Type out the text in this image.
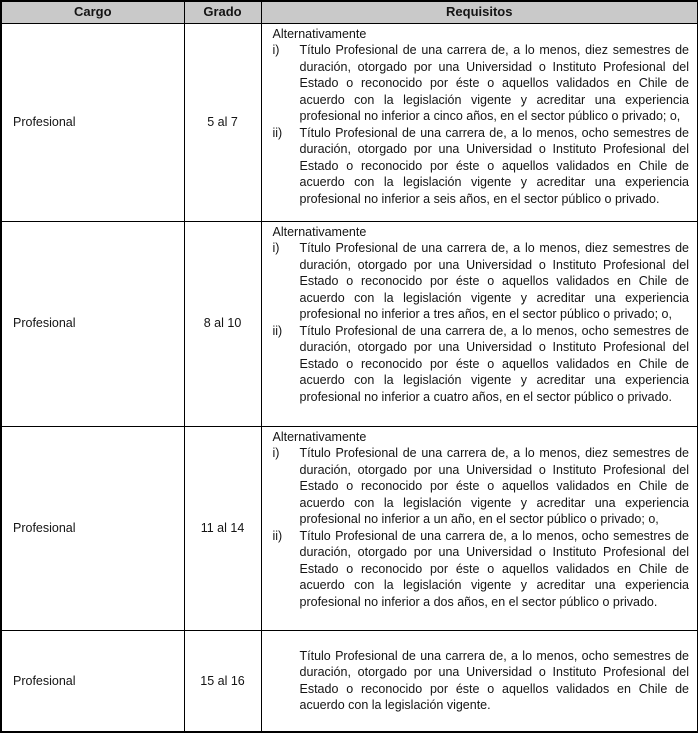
Cargo	Grado	Requisitos
Profesional	5 al 7	Alternativamente
i) Título Profesional de una carrera de, a lo menos, diez semestres de duración, otorgado por una Universidad o Instituto Profesional del Estado o reconocido por éste o aquellos validados en Chile de acuerdo con la legislación vigente y acreditar una experiencia profesional no inferior a cinco años, en el sector público o privado; o,
ii) Título Profesional de una carrera de, a lo menos, ocho semestres de duración, otorgado por una Universidad o Instituto Profesional del Estado o reconocido por éste o aquellos validados en Chile de acuerdo con la legislación vigente y acreditar una experiencia profesional no inferior a seis años, en el sector público o privado.

Profesional	8 al 10	Alternativamente
i) Título Profesional de una carrera de, a lo menos, diez semestres de duración, otorgado por una Universidad o Instituto Profesional del Estado o reconocido por éste o aquellos validados en Chile de acuerdo con la legislación vigente y acreditar una experiencia profesional no inferior a tres años, en el sector público o privado; o,
ii) Título Profesional de una carrera de, a lo menos, ocho semestres de duración, otorgado por una Universidad o Instituto Profesional del Estado o reconocido por éste o aquellos validados en Chile de acuerdo con la legislación vigente y acreditar una experiencia profesional no inferior a cuatro años, en el sector público o privado.

Profesional	11 al 14	Alternativamente
i) Título Profesional de una carrera de, a lo menos, diez semestres de duración, otorgado por una Universidad o Instituto Profesional del Estado o reconocido por éste o aquellos validados en Chile de acuerdo con la legislación vigente y acreditar una experiencia profesional no inferior a un año, en el sector público o privado; o,
ii) Título Profesional de una carrera de, a lo menos, ocho semestres de duración, otorgado por una Universidad o Instituto Profesional del Estado o reconocido por éste o aquellos validados en Chile de acuerdo con la legislación vigente y acreditar una experiencia profesional no inferior a dos años, en el sector público o privado.

Profesional	15 al 16	Título Profesional de una carrera de, a lo menos, ocho semestres de duración, otorgado por una Universidad o Instituto Profesional del Estado o reconocido por éste o aquellos validados en Chile de acuerdo con la legislación vigente.
